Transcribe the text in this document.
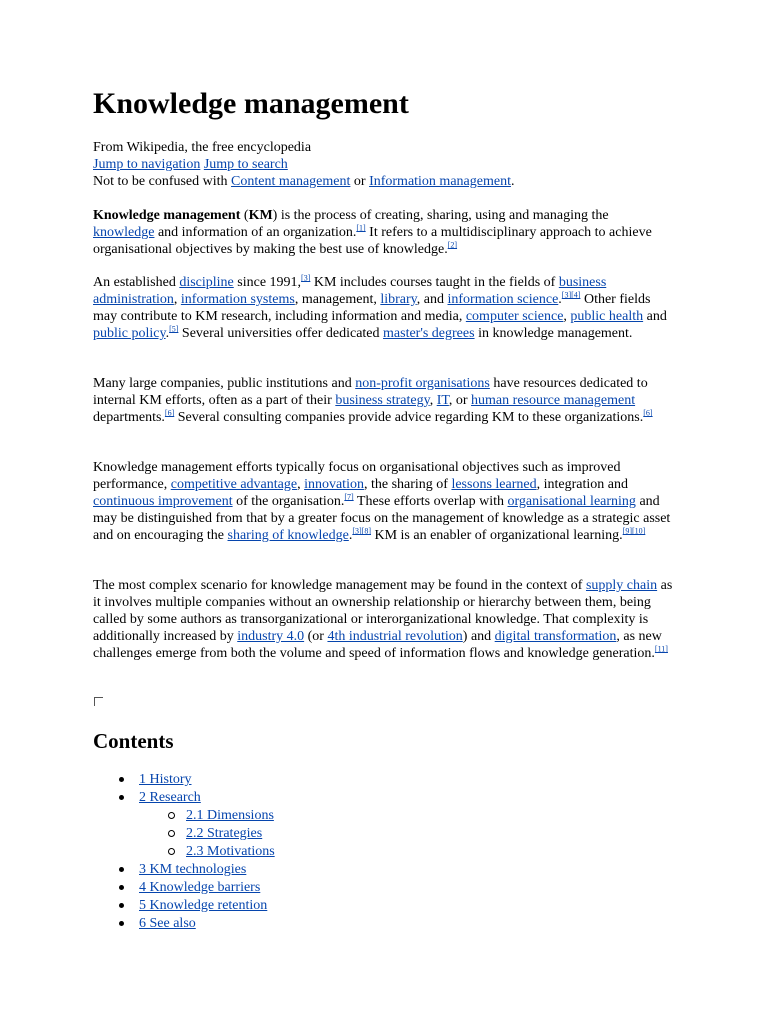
Knowledge management

From Wikipedia, the free encyclopedia

Jump to navigation Jump to search

Not to be confused with Content management or Information management.

Knowledge management (KM) is the process of creating, sharing, using and managing the knowledge and information of an organization.[1] It refers to a multidisciplinary approach to achieve organisational objectives by making the best use of knowledge.[2]

An established discipline since 1991,[3] KM includes courses taught in the fields of business administration, information systems, management, library, and information science.[3][4] Other fields may contribute to KM research, including information and media, computer science, public health and public policy.[5] Several universities offer dedicated master's degrees in knowledge management.

Many large companies, public institutions and non-profit organisations have resources dedicated to internal KM efforts, often as a part of their business strategy, IT, or human resource management departments.[6] Several consulting companies provide advice regarding KM to these organizations.[6]

Knowledge management efforts typically focus on organisational objectives such as improved performance, competitive advantage, innovation, the sharing of lessons learned, integration and continuous improvement of the organisation.[7] These efforts overlap with organisational learning and may be distinguished from that by a greater focus on the management of knowledge as a strategic asset and on encouraging the sharing of knowledge.[3][8] KM is an enabler of organizational learning.[9][10]

The most complex scenario for knowledge management may be found in the context of supply chain as it involves multiple companies without an ownership relationship or hierarchy between them, being called by some authors as transorganizational or interorganizational knowledge. That complexity is additionally increased by industry 4.0 (or 4th industrial revolution) and digital transformation, as new challenges emerge from both the volume and speed of information flows and knowledge generation.[11]

Contents
1 History
2 Research
2.1 Dimensions
2.2 Strategies
2.3 Motivations
3 KM technologies
4 Knowledge barriers
5 Knowledge retention
6 See also
